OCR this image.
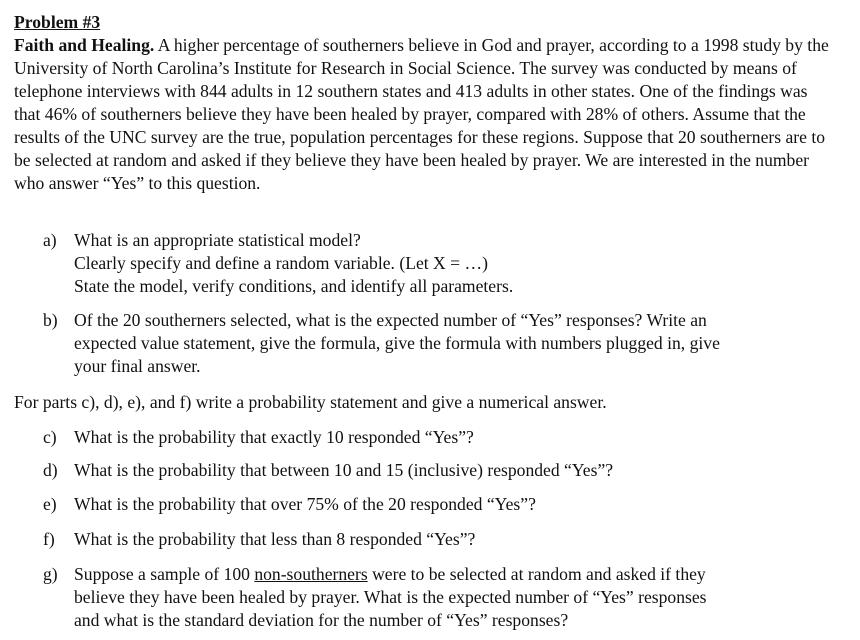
Problem #3

Faith and Healing. A higher percentage of southerners believe in God and prayer, according to a 1998 study by the University of North Carolina’s Institute for Research in Social Science. The survey was conducted by means of telephone interviews with 844 adults in 12 southern states and 413 adults in other states. One of the findings was that 46% of southerners believe they have been healed by prayer, compared with 28% of others. Assume that the results of the UNC survey are the true, population percentages for these regions. Suppose that 20 southerners are to be selected at random and asked if they believe they have been healed by prayer. We are interested in the number who answer “Yes” to this question.

a) What is an appropriate statistical model?
Clearly specify and define a random variable. (Let X = …)
State the model, verify conditions, and identify all parameters.
b) Of the 20 southerners selected, what is the expected number of “Yes” responses? Write an
expected value statement, give the formula, give the formula with numbers plugged in, give
your final answer.
For parts c), d), e), and f) write a probability statement and give a numerical answer.
c) What is the probability that exactly 10 responded “Yes”?
d) What is the probability that between 10 and 15 (inclusive) responded “Yes”?
e) What is the probability that over 75% of the 20 responded “Yes”?
f)	What is the probability that less than 8 responded “Yes”?
g) Suppose a sample of 100 non-southerners were to be selected at random and asked if they
believe they have been healed by prayer. What is the expected number of “Yes” responses
and what is the standard deviation for the number of “Yes” responses?
